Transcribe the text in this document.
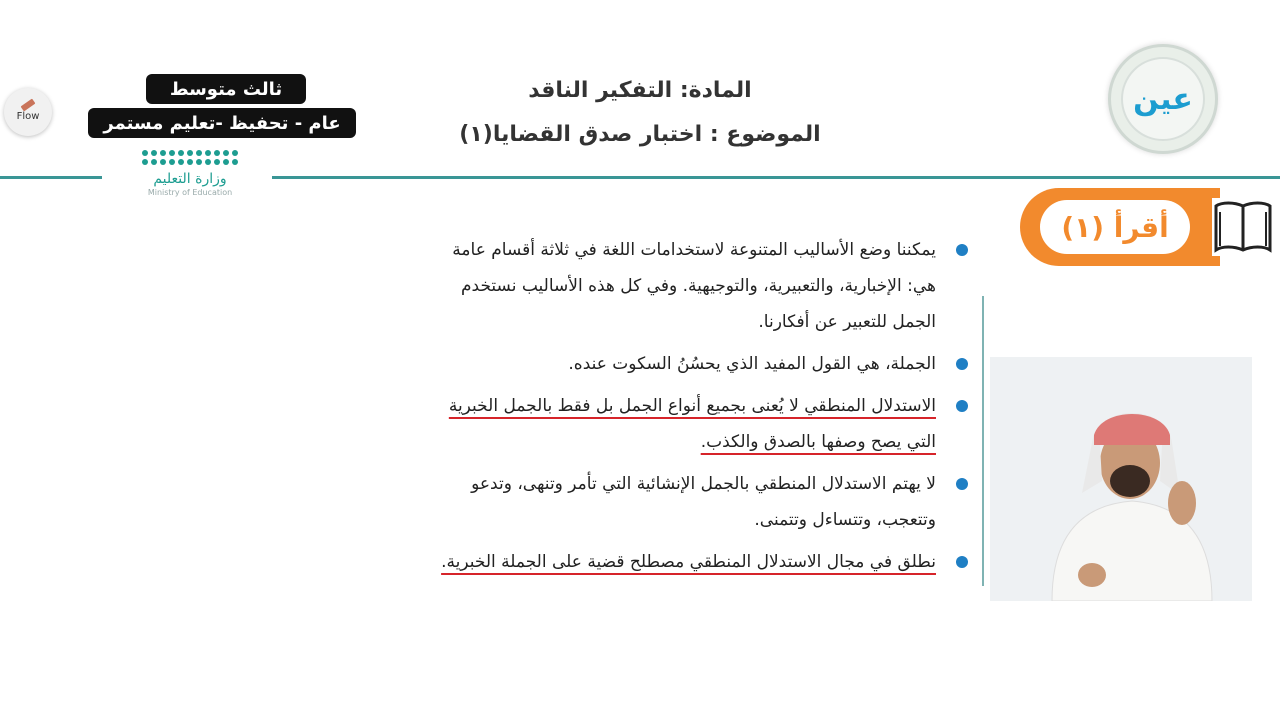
Flow
ثالث متوسط
عام - تحفيظ -تعليم مستمر
وزارة التعليم
Ministry of Education
المادة: التفكير الناقد
الموضوع : اختبار صدق القضايا(١)
عين
أقرأ (١)
يمكننا وضع الأساليب المتنوعة لاستخدامات اللغة في ثلاثة أقسام عامة هي: الإخبارية، والتعبيرية، والتوجيهية. وفي كل هذه الأساليب نستخدم الجمل للتعبير عن أفكارنا.
الجملة، هي القول المفيد الذي يحسُنُ السكوت عنده.
الاستدلال المنطقي لا يُعنى بجميع أنواع الجمل بل فقط بالجمل الخبرية التي يصح وصفها بالصدق والكذب.
لا يهتم الاستدلال المنطقي بالجمل الإنشائية التي تأمر وتنهى، وتدعو وتتعجب، وتتساءل وتتمنى.
نطلق في مجال الاستدلال المنطقي مصطلح قضية على الجملة الخبرية.
